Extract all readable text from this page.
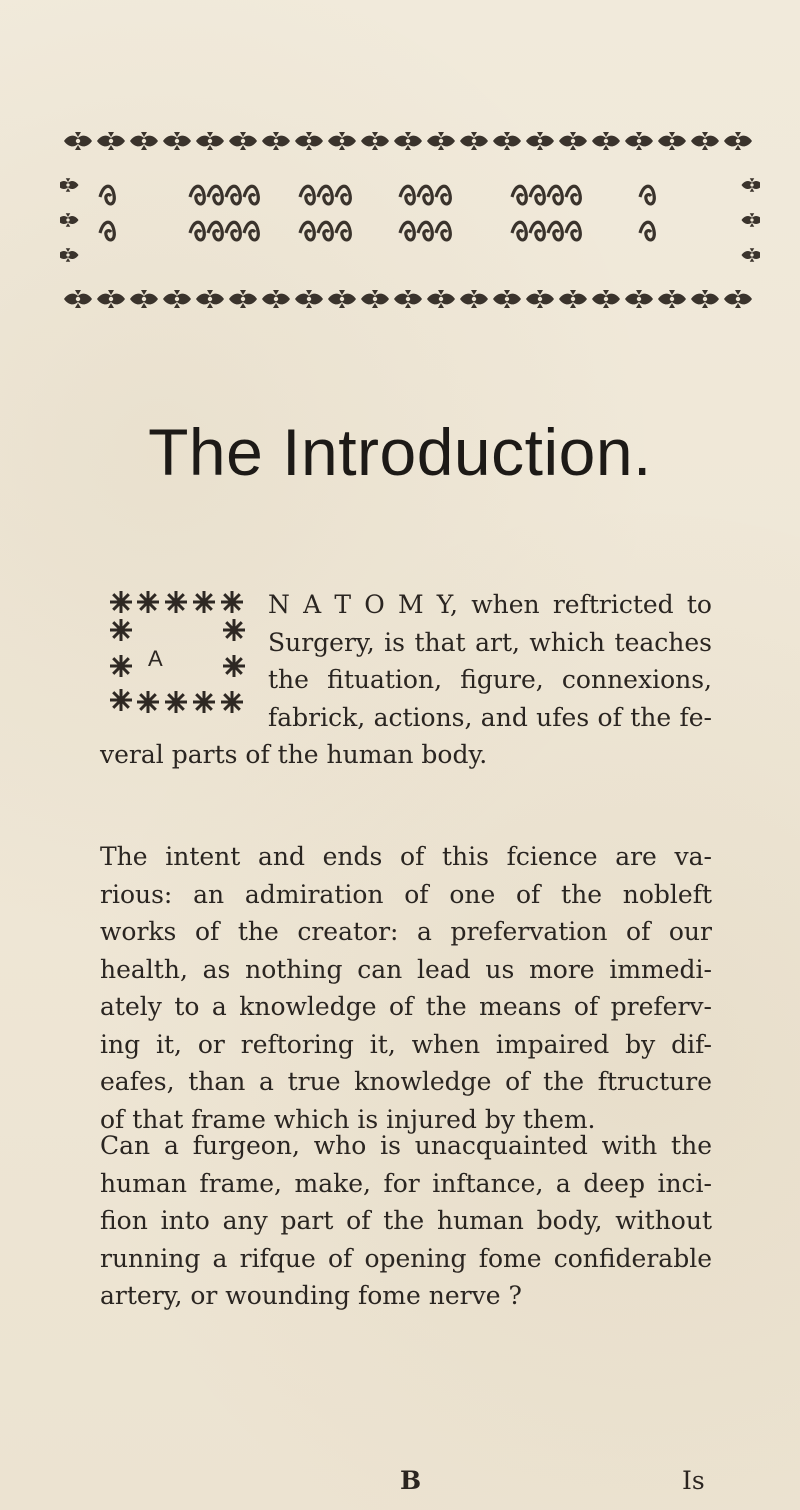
The Introduction.
A
N A T O M Y, when reftricted to
Surgery, is that art, which teaches
the fituation, figure, connexions,
fabrick, actions, and ufes of the fe-
veral parts of the human body.
The intent and ends of this fcience are va-
rious: an admiration of one of the nobleft
works of the creator: a prefervation of our
health, as nothing can lead us more immedi-
ately to a knowledge of the means of preferv-
ing it, or reftoring it, when impaired by dif-
eafes, than a true knowledge of the ftructure
of that frame which is injured by them.
Can a furgeon, who is unacquainted with the
human frame, make, for inftance, a deep inci-
fion into any part of the human body, without
running a rifque of opening fome confiderable
artery, or wounding fome nerve ?
B	Is
